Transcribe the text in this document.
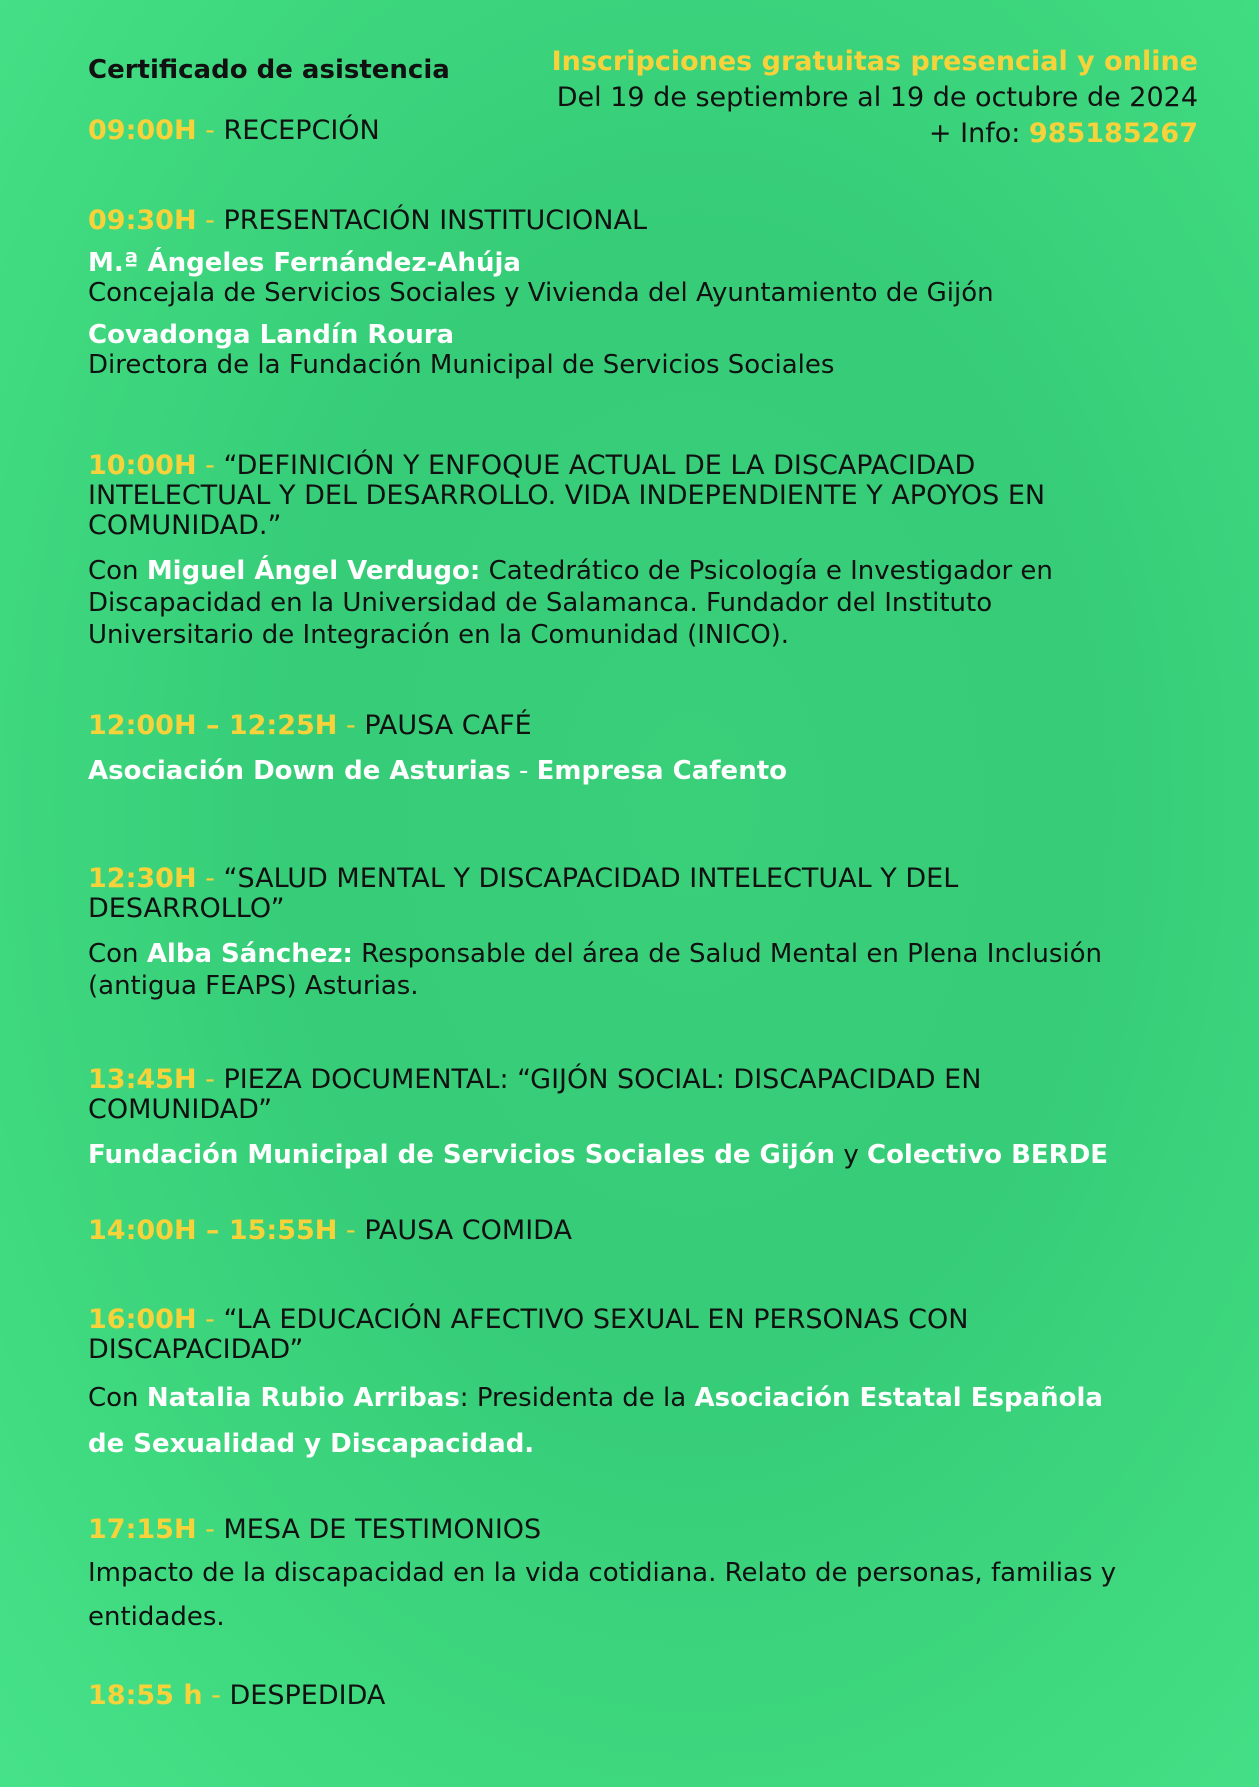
Certificado de asistencia	Inscripciones gratuitas presencial y online
Del 19 de septiembre al 19 de octubre de 2024
+ Info: 985185267
09:00H - RECEPCIÓN
09:30H - PRESENTACIÓN INSTITUCIONAL
M.ª Ángeles Fernández-Ahúja
Concejala de Servicios Sociales y Vivienda del Ayuntamiento de Gijón
Covadonga Landín Roura
Directora de la Fundación Municipal de Servicios Sociales
10:00H - “DEFINICIÓN Y ENFOQUE ACTUAL DE LA DISCAPACIDAD INTELECTUAL Y DEL DESARROLLO. VIDA INDEPENDIENTE Y APOYOS EN COMUNIDAD.”
Con Miguel Ángel Verdugo: Catedrático de Psicología e Investigador en Discapacidad en la Universidad de Salamanca. Fundador del Instituto Universitario de Integración en la Comunidad (INICO).
12:00H – 12:25H - PAUSA CAFÉ
Asociación Down de Asturias - Empresa Cafento
12:30H - “SALUD MENTAL Y DISCAPACIDAD INTELECTUAL Y DEL DESARROLLO”
Con Alba Sánchez: Responsable del área de Salud Mental en Plena Inclusión (antigua FEAPS) Asturias.
13:45H - PIEZA DOCUMENTAL: “GIJÓN SOCIAL: DISCAPACIDAD EN COMUNIDAD”
Fundación Municipal de Servicios Sociales de Gijón y Colectivo BERDE
14:00H – 15:55H - PAUSA COMIDA
16:00H - “LA EDUCACIÓN AFECTIVO SEXUAL EN PERSONAS CON DISCAPACIDAD”
Con Natalia Rubio Arribas: Presidenta de la Asociación Estatal Española de Sexualidad y Discapacidad.
17:15H - MESA DE TESTIMONIOS
Impacto de la discapacidad en la vida cotidiana. Relato de personas, familias y entidades.
18:55 h - DESPEDIDA
